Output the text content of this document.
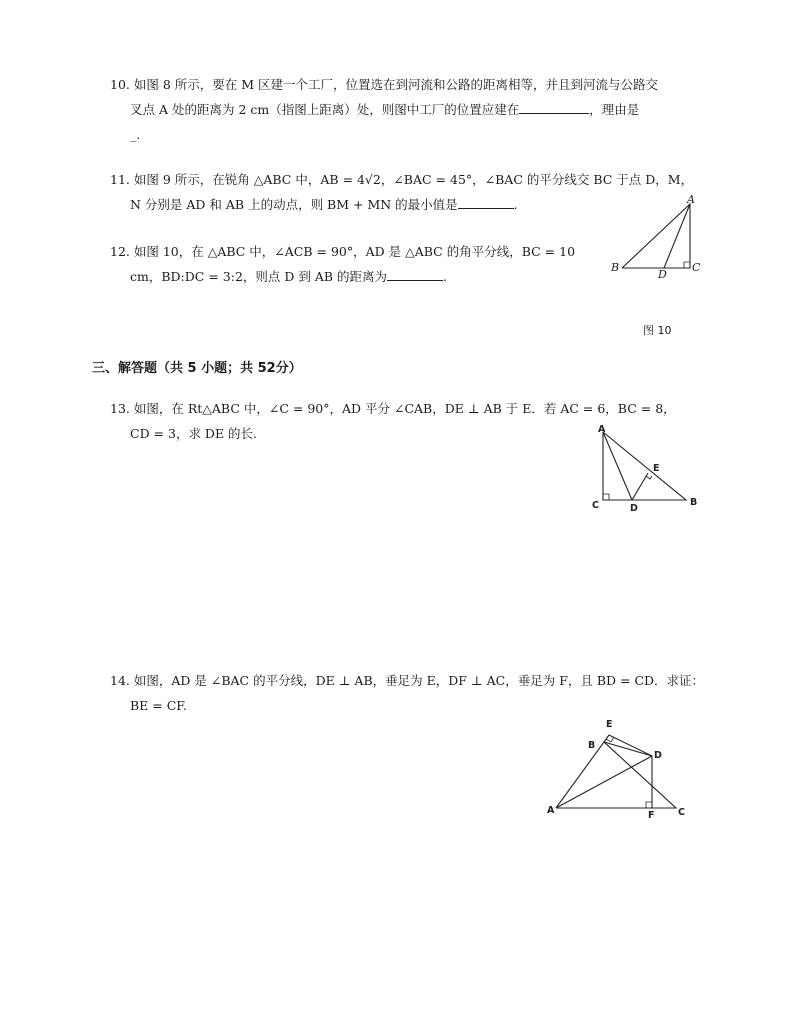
10. 如图 8 所示，要在 M 区建一个工厂，位置选在到河流和公路的距离相等，并且到河流与公路交
叉点 A 处的距离为 2 cm（指图上距离）处，则图中工厂的位置应建在	，理由是
_.
11. 如图 9 所示，在锐角 △ABC 中，AB = 4√2，∠BAC = 45°，∠BAC 的平分线交 BC 于点 D，M，
N 分别是 AD 和 AB 上的动点，则 BM + MN 的最小值是	.
12. 如图 10，在 △ABC 中，∠ACB = 90°，AD 是 △ABC 的角平分线，BC = 10
cm，BD:DC = 3:2，则点 D 到 AB 的距离为	.
A
B
D
C
图 10
三、解答题（共 5 小题；共 52分）
13. 如图，在 Rt△ABC 中，∠C = 90°，AD 平分 ∠CAB，DE ⊥ AB 于 E．若 AC = 6，BC = 8，
CD = 3，求 DE 的长.	A
E
C	D
B
14. 如图，AD 是 ∠BAC 的平分线，DE ⊥ AB，垂足为 E，DF ⊥ AC，垂足为 F，且 BD = CD．求证：
BE = CF.
E
B
D
A	F C
